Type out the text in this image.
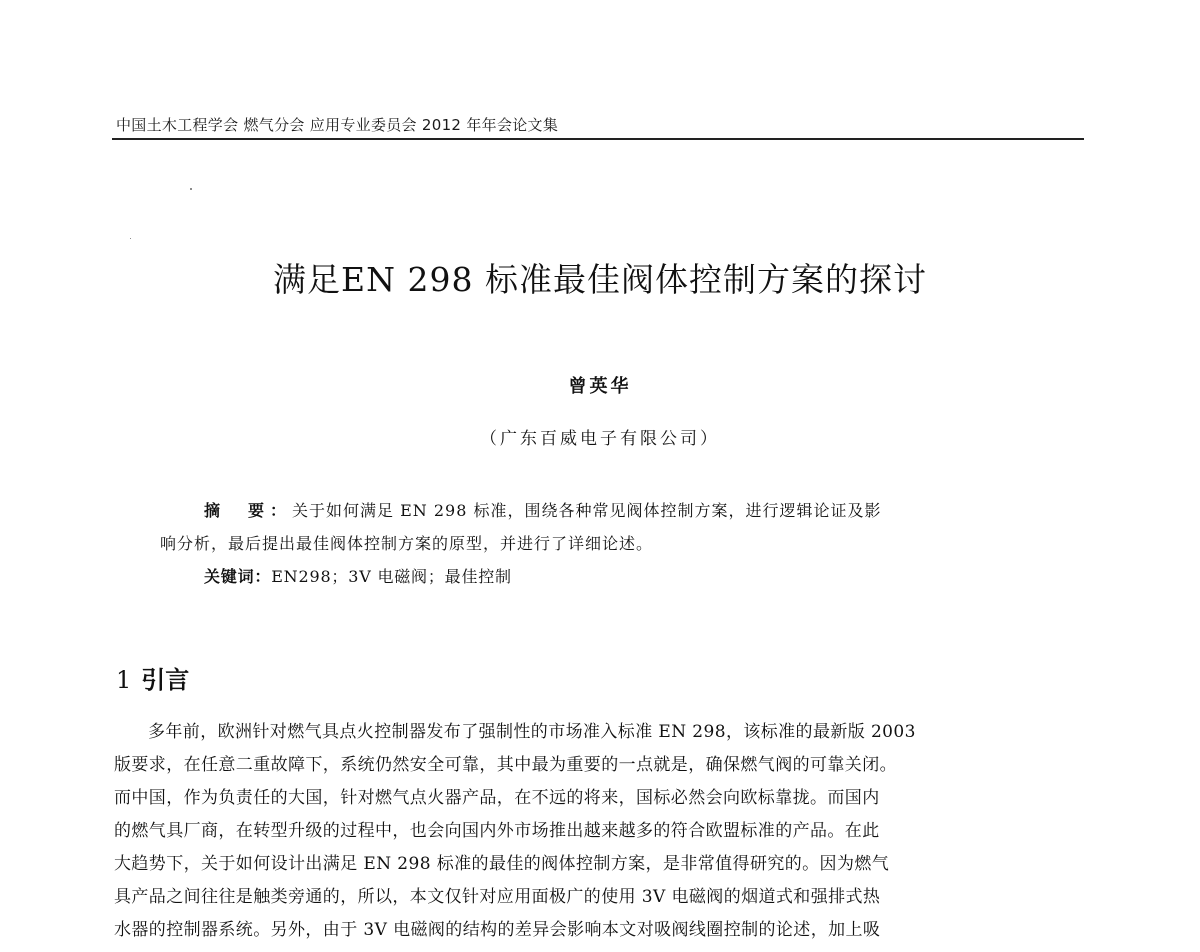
中国土木工程学会 燃气分会 应用专业委员会 2012 年年会论文集
满足EN 298 标准最佳阀体控制方案的探讨
曾英华
（广东百威电子有限公司）
摘　要：关于如何满足 EN 298 标准，围绕各种常见阀体控制方案，进行逻辑论证及影
响分析，最后提出最佳阀体控制方案的原型，并进行了详细论述。
关键词：EN298；3V 电磁阀；最佳控制
1 引言
多年前，欧洲针对燃气具点火控制器发布了强制性的市场准入标准 EN 298，该标准的最新版 2003
版要求，在任意二重故障下，系统仍然安全可靠，其中最为重要的一点就是，确保燃气阀的可靠关闭。
而中国，作为负责任的大国，针对燃气点火器产品，在不远的将来，国标必然会向欧标靠拢。而国内
的燃气具厂商，在转型升级的过程中，也会向国内外市场推出越来越多的符合欧盟标准的产品。在此
大趋势下，关于如何设计出满足 EN 298 标准的最佳的阀体控制方案，是非常值得研究的。因为燃气
具产品之间往往是触类旁通的，所以，本文仅针对应用面极广的使用 3V 电磁阀的烟道式和强排式热
水器的控制器系统。另外，由于 3V 电磁阀的结构的差异会影响本文对吸阀线圈控制的论述，加上吸
